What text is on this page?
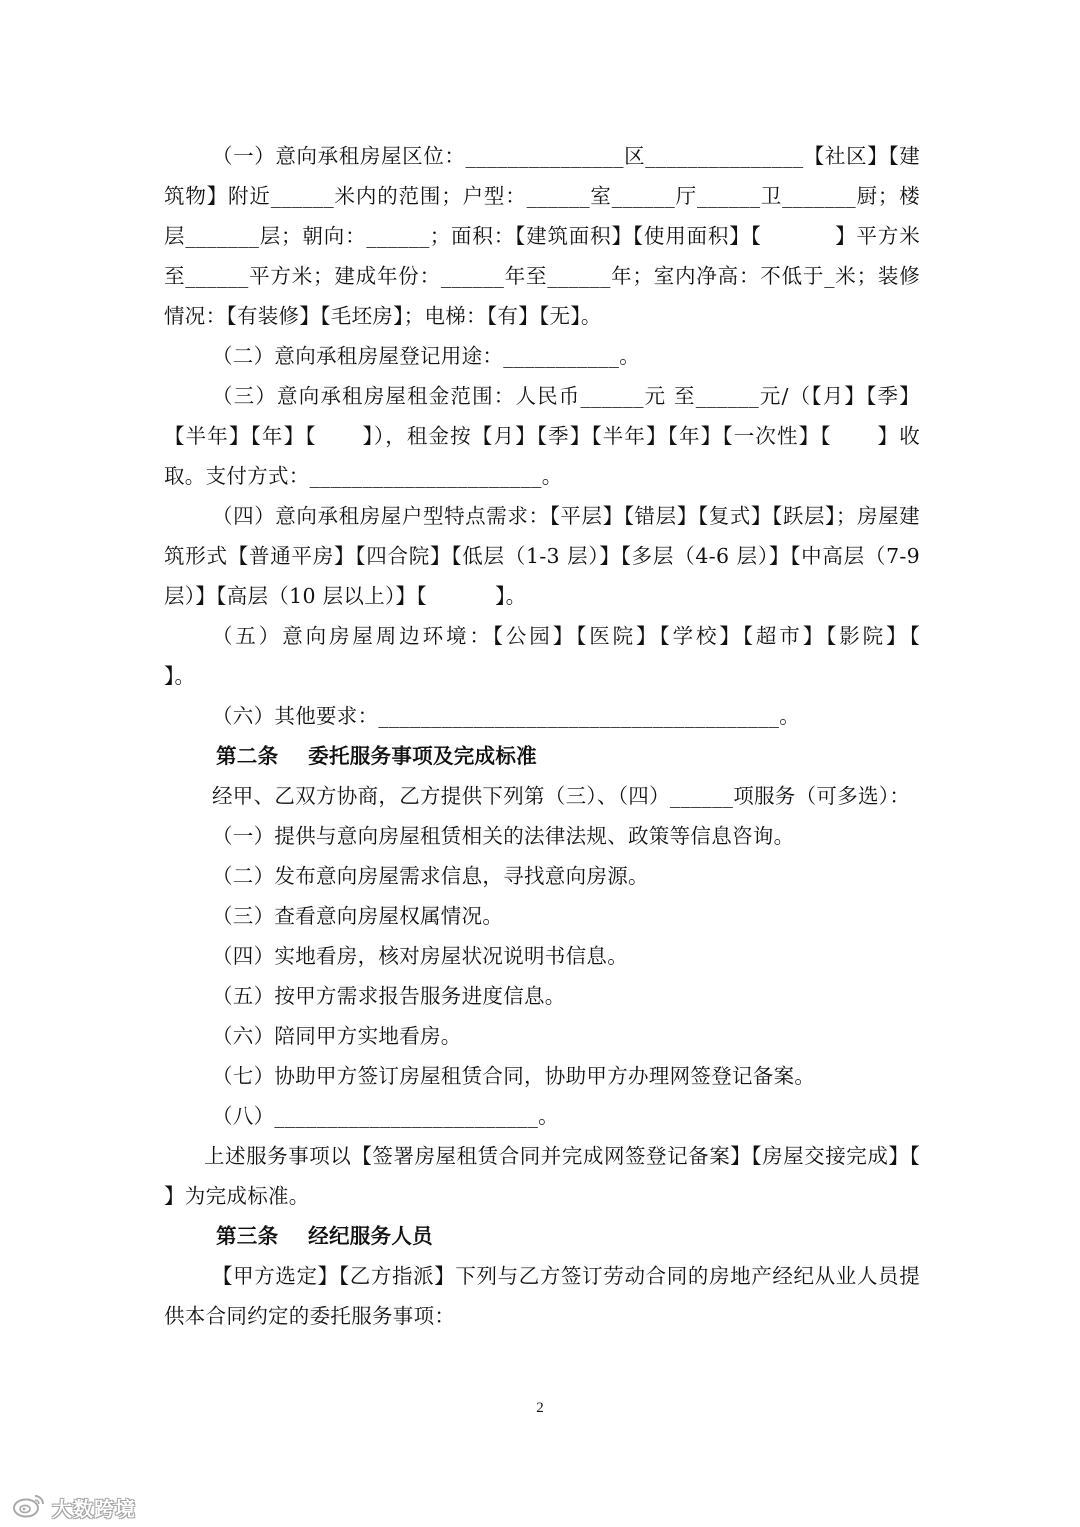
（一）意向承租房屋区位：_______________区_______________【社区】【建筑物】附近______米内的范围；户型：______室______厅______卫_______厨；楼层_______层；朝向：______；面积：【建筑面积】【使用面积】【          】平方米至______平方米；建成年份：______年至______年；室内净高：不低于_米；装修情况：【有装修】【毛坯房】；电梯：【有】【无】。
（二）意向承租房屋登记用途：___________。
（三）意向承租房屋租金范围：人民币______元 至______元/（【月】【季】【半年】【年】【      】），租金按【月】【季】【半年】【年】【一次性】【      】收取。支付方式：______________________。
（四）意向承租房屋户型特点需求：【平层】【错层】【复式】【跃层】；房屋建筑形式【普通平房】【四合院】【低层（1-3 层）】【多层（4-6 层）】【中高层（7-9 层）】【高层（10 层以上）】【          】。
（五）意向房屋周边环境：【公园】【医院】【学校】【超市】【影院】【           】。
（六）其他要求：______________________________________。
第二条    委托服务事项及完成标准
经甲、乙双方协商，乙方提供下列第（三）、（四）______项服务（可多选）：
（一）提供与意向房屋租赁相关的法律法规、政策等信息咨询。
（二）发布意向房屋需求信息，寻找意向房源。
（三）查看意向房屋权属情况。
（四）实地看房，核对房屋状况说明书信息。
（五）按甲方需求报告服务进度信息。
（六）陪同甲方实地看房。
（七）协助甲方签订房屋租赁合同，协助甲方办理网签登记备案。
（八）_________________________。
上述服务事项以【签署房屋租赁合同并完成网签登记备案】【房屋交接完成】【  】为完成标准。
第三条    经纪服务人员
【甲方选定】【乙方指派】下列与乙方签订劳动合同的房地产经纪从业人员提供本合同约定的委托服务事项：
2
大数跨境
